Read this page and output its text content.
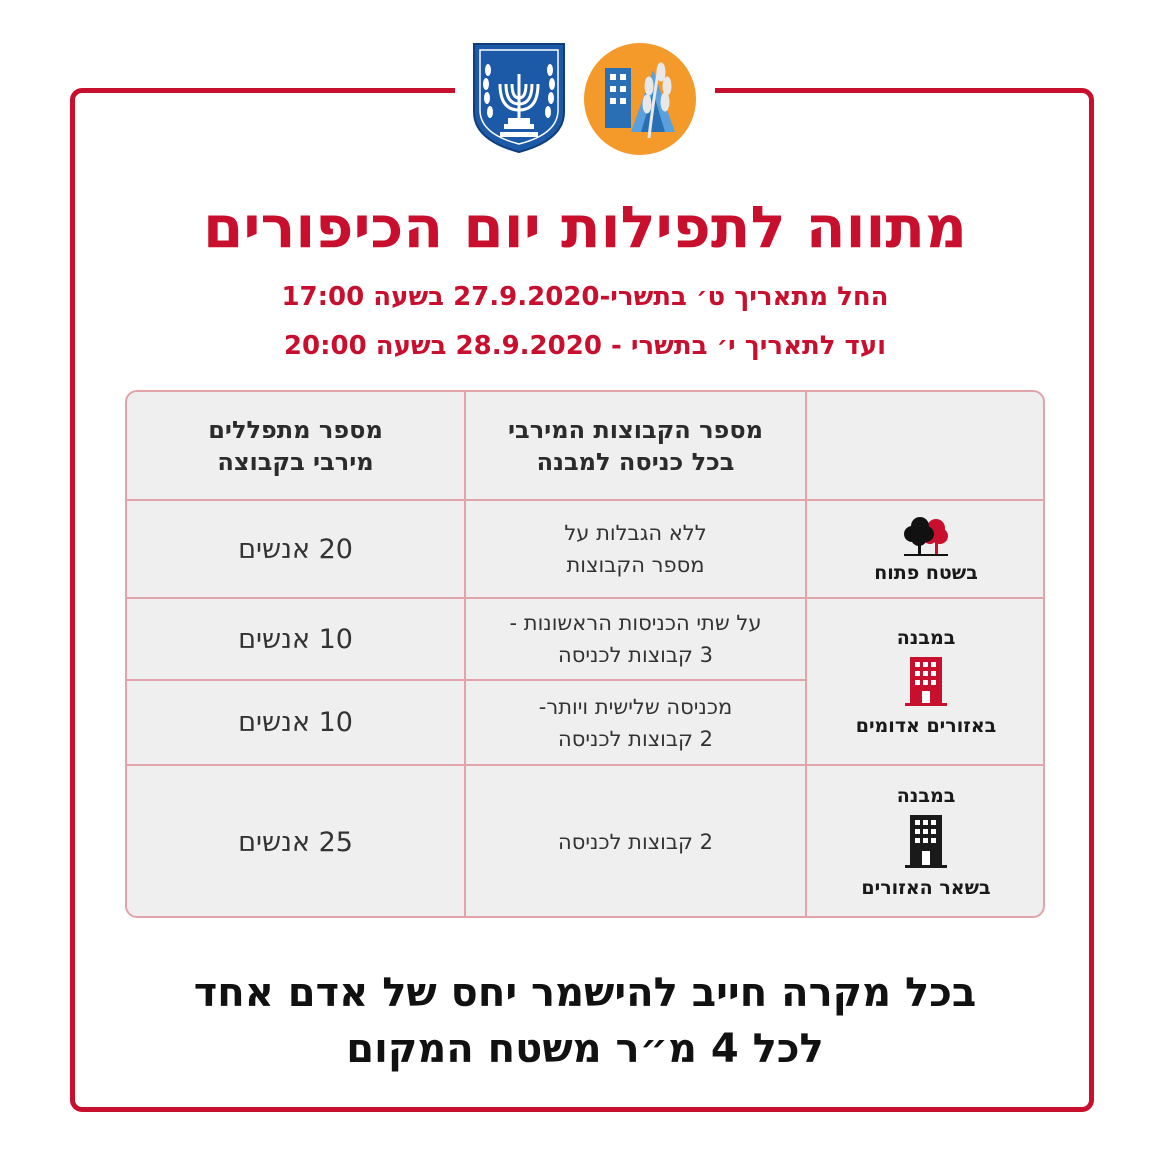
מתווה לתפילות יום הכיפורים
החל מתאריך ט׳ בתשרי-27.9.2020 בשעה 17:00
ועד לתאריך י׳ בתשרי - 28.9.2020 בשעה 20:00
מספר מתפללים
מירבי בקבוצה
מספר הקבוצות המירבי
בכל כניסה למבנה
20 אנשים
ללא הגבלות על
מספר הקבוצות	בשטח פתוח
10 אנשים
על שתי הכניסות הראשונות -
3 קבוצות לכניסה
10 אנשים
מכניסה שלישית ויותר-
2 קבוצות לכניסה
במבנה
באזורים אדומים
25 אנשים	2 קבוצות לכניסה
במבנה
בשאר האזורים
בכל מקרה חייב להישמר יחס של אדם אחד
לכל 4 מ״ר משטח המקום
